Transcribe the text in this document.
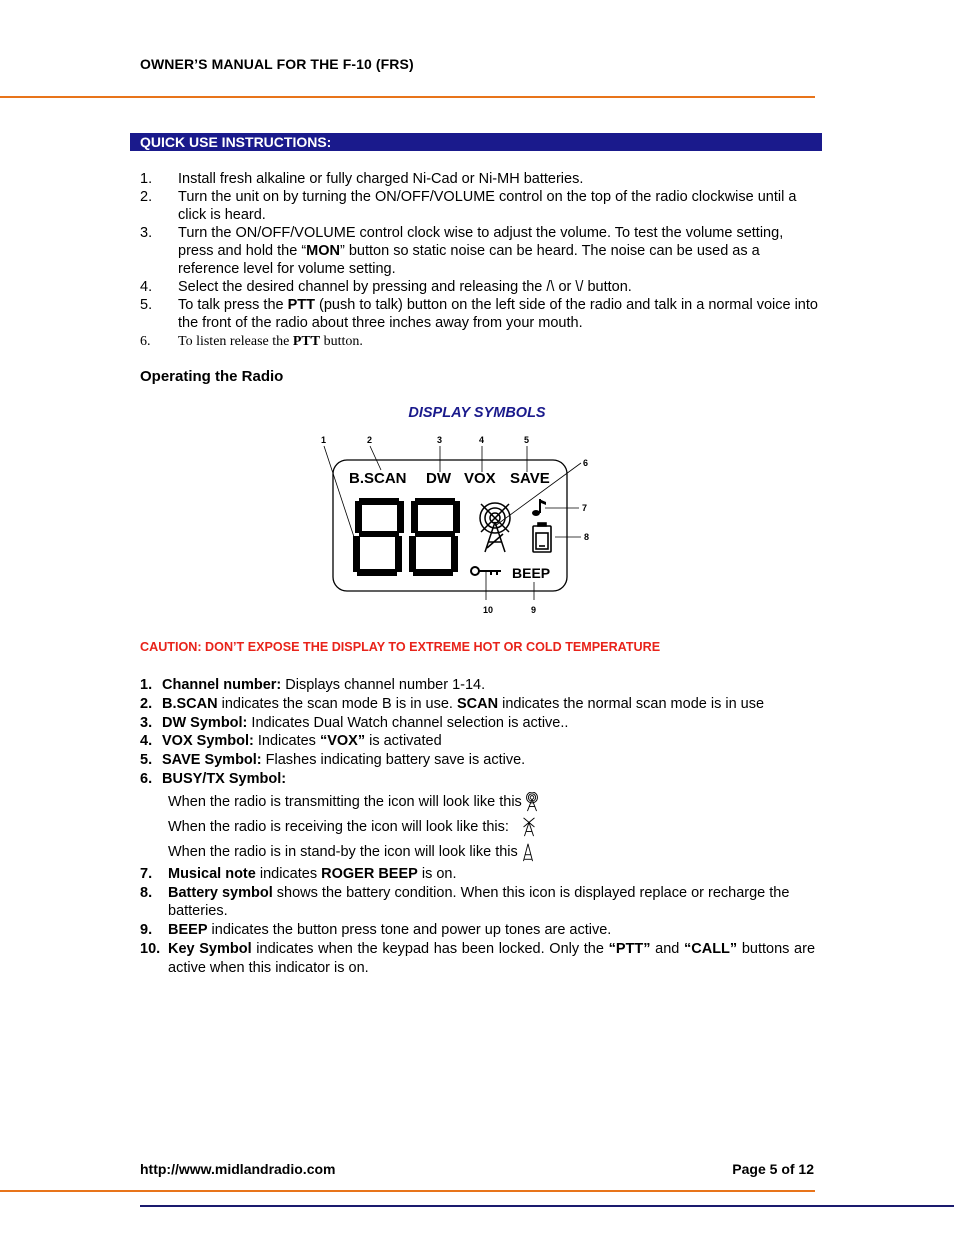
OWNER’S MANUAL FOR THE F-10 (FRS)
QUICK USE INSTRUCTIONS:
1. Install fresh alkaline or fully charged Ni-Cad or Ni-MH batteries.
2. Turn the unit on by turning the ON/OFF/VOLUME control on the top of the radio clockwise until a click is heard.
3. Turn the ON/OFF/VOLUME control clock wise to adjust the volume. To test the volume setting, press and hold the “MON” button so static noise can be heard. The noise can be used as a reference level for volume setting.
4. Select the desired channel by pressing and releasing the /\ or \/ button.
5. To talk press the PTT (push to talk) button on the left side of the radio and talk in a normal voice into the front of the radio about three inches away from your mouth.
6. To listen release the PTT button.
Operating the Radio
DISPLAY SYMBOLS
1	2	3	4	5
6
7
8
9
10
B.SCAN DW VOX SAVE
BEEP
CAUTION: DON’T EXPOSE THE DISPLAY TO EXTREME HOT OR COLD TEMPERATURE
1. Channel number: Displays channel number 1-14.
2. B.SCAN indicates the scan mode B is in use. SCAN indicates the normal scan mode is in use
3. DW Symbol: Indicates Dual Watch channel selection is active..
4. VOX Symbol: Indicates “VOX” is activated
5. SAVE Symbol: Flashes indicating battery save is active.
6. BUSY/TX Symbol:
When the radio is transmitting the icon will look like this
When the radio is receiving the icon will look like this:
When the radio is in stand-by the icon will look like this
7. Musical note indicates ROGER BEEP is on.
8. Battery symbol shows the battery condition. When this icon is displayed replace or recharge the batteries.
9. BEEP indicates the button press tone and power up tones are active.
10. Key Symbol indicates when the keypad has been locked. Only the “PTT” and “CALL” buttons are active when this indicator is on.
http://www.midlandradio.com	Page 5 of 12
